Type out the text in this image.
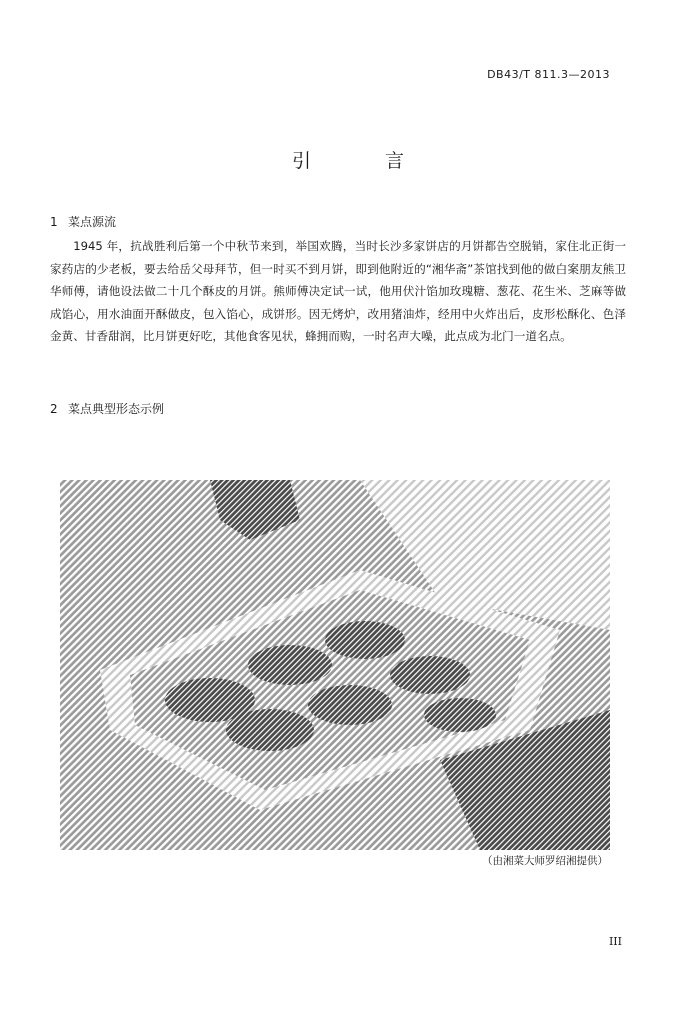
DB43/T 811.3—2013
引 言
1 菜点源流
1945 年，抗战胜利后第一个中秋节来到，举国欢腾，当时长沙多家饼店的月饼都告空脱销，家住北正街一家药店的少老板，要去给岳父母拜节，但一时买不到月饼，即到他附近的“湘华斋”茶馆找到他的做白案朋友熊卫华师傅，请他设法做二十几个酥皮的月饼。熊师傅决定试一试，他用伏汁馅加玫瑰糖、葱花、花生米、芝麻等做成馅心，用水油面开酥做皮，包入馅心，成饼形。因无烤炉，改用猪油炸，经用中火炸出后，皮形松酥化、色泽金黄、甘香甜润，比月饼更好吃，其他食客见状，蜂拥而购，一时名声大噪，此点成为北门一道名点。
2 菜点典型形态示例
（由湘菜大师罗绍湘提供）
III
